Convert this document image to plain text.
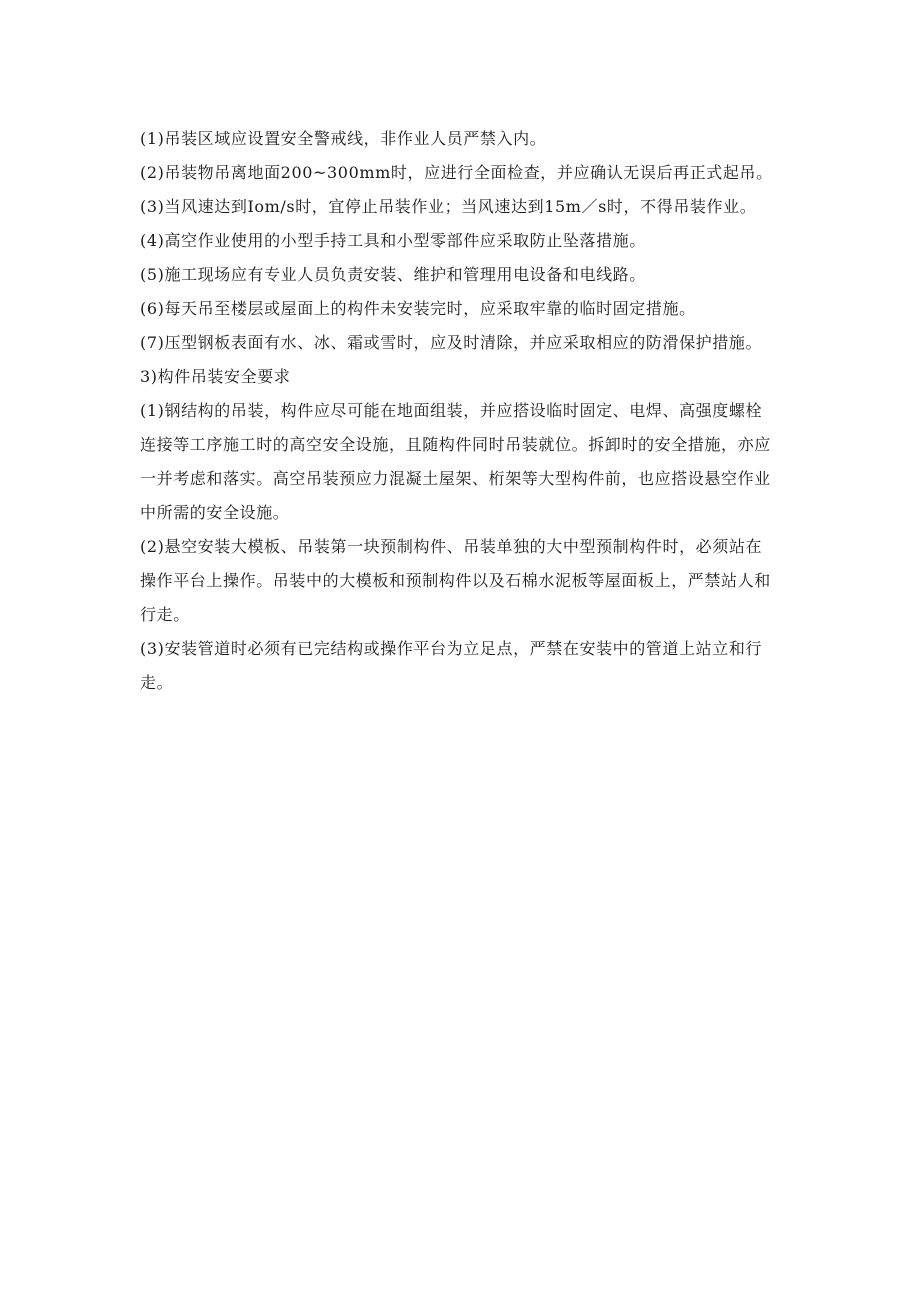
(1)吊装区域应设置安全警戒线，非作业人员严禁入内。

(2)吊装物吊离地面200~300mm时，应进行全面检查，并应确认无误后再正式起吊。

(3)当风速达到Iom/s时，宜停止吊装作业；当风速达到15m／s时，不得吊装作业。

(4)高空作业使用的小型手持工具和小型零部件应采取防止坠落措施。

(5)施工现场应有专业人员负责安装、维护和管理用电设备和电线路。

(6)每天吊至楼层或屋面上的构件未安装完时，应采取牢靠的临时固定措施。

(7)压型钢板表面有水、冰、霜或雪时，应及时清除，并应采取相应的防滑保护措施。

3)构件吊装安全要求

(1)钢结构的吊装，构件应尽可能在地面组装，并应搭设临时固定、电焊、高强度螺栓
连接等工序施工时的高空安全设施，且随构件同时吊装就位。拆卸时的安全措施，亦应
一并考虑和落实。高空吊装预应力混凝土屋架、桁架等大型构件前，也应搭设悬空作业
中所需的安全设施。

(2)悬空安装大模板、吊装第一块预制构件、吊装单独的大中型预制构件时，必须站在
操作平台上操作。吊装中的大模板和预制构件以及石棉水泥板等屋面板上，严禁站人和
行走。

(3)安装管道时必须有已完结构或操作平台为立足点，严禁在安装中的管道上站立和行
走。
